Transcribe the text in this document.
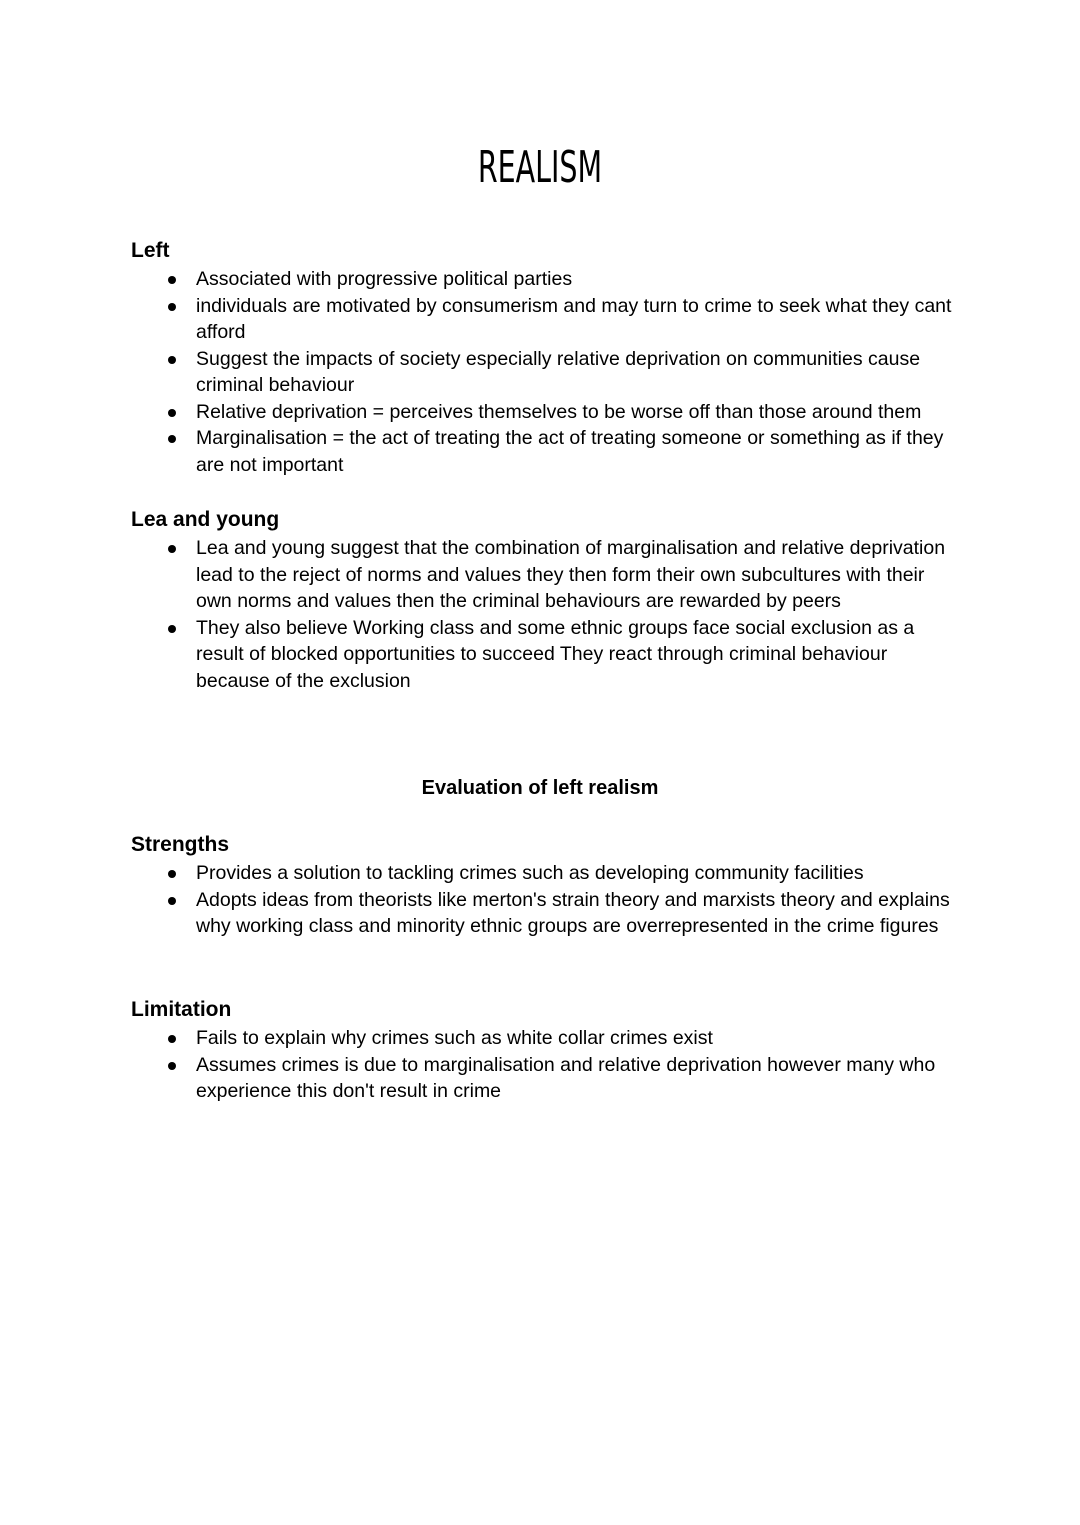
REALISM
Left
Associated with progressive political parties
individuals are motivated by consumerism and may turn to crime to seek what they cant afford
Suggest the impacts of society especially relative deprivation on communities cause criminal behaviour
Relative deprivation = perceives themselves to be worse off than those around them
Marginalisation = the act of treating the act of treating someone or something as if they are not important
Lea and young
Lea and young suggest that the combination of marginalisation and relative deprivation lead to the reject of norms and values they then form their own subcultures with their own norms and values then the criminal behaviours are rewarded by peers
They also believe Working class and some ethnic groups face social exclusion as a result of blocked opportunities to succeed They react through criminal behaviour because of the exclusion
Evaluation of left realism
Strengths
Provides a solution to tackling crimes such as developing community facilities
Adopts ideas from theorists like merton's strain theory and marxists theory and explains why working class and minority ethnic groups are overrepresented in the crime figures
Limitation
Fails to explain why crimes such as white collar crimes exist
Assumes crimes is due to marginalisation and relative deprivation however many who experience this don't result in crime
